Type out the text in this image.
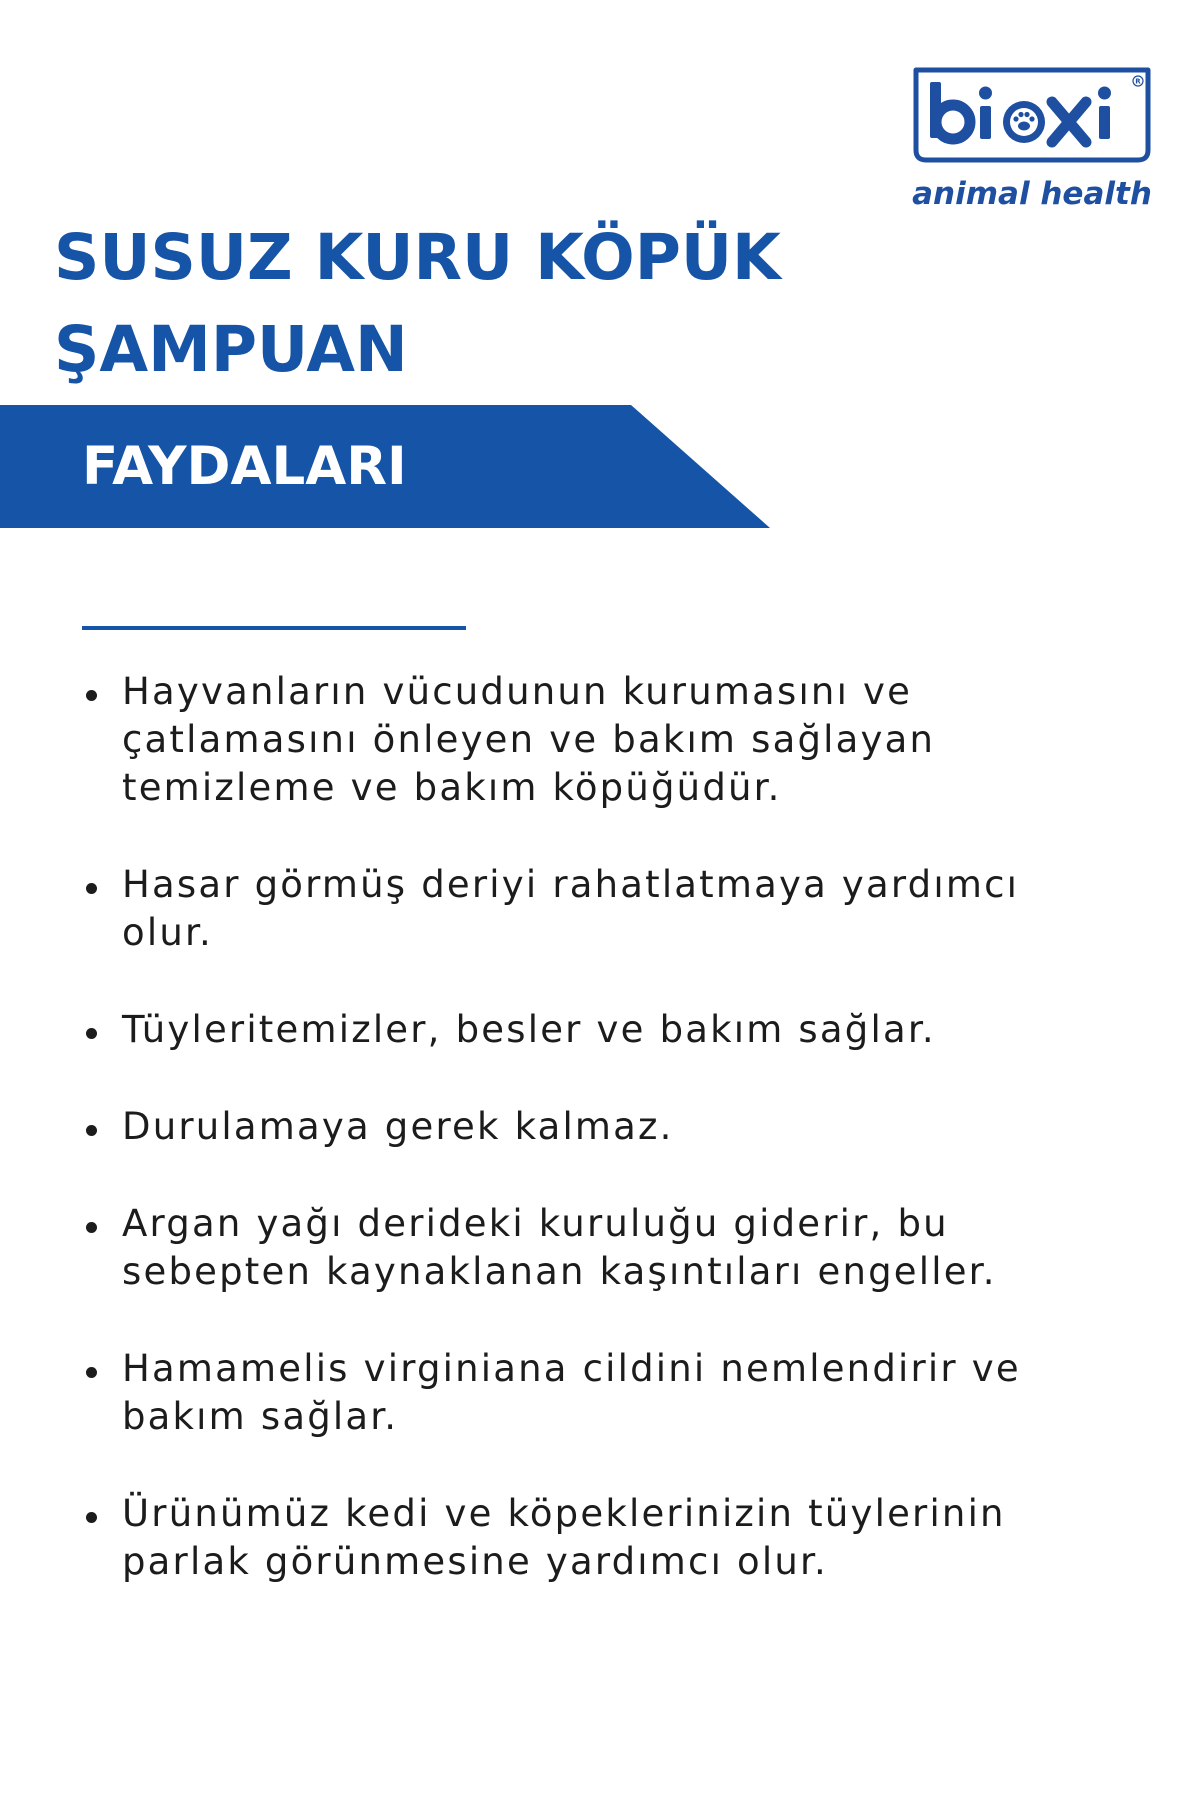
R
animal health
SUSUZ KURU KÖPÜK
ŞAMPUAN
FAYDALARI
Hayvanların vücudunun kurumasını ve çatlamasını önleyen ve bakım sağlayan temizleme ve bakım köpüğüdür.
Hasar görmüş deriyi rahatlatmaya yardımcı olur.
Tüyleritemizler, besler ve bakım sağlar.
Durulamaya gerek kalmaz.
Argan yağı derideki kuruluğu giderir, bu sebepten kaynaklanan kaşıntıları engeller.
Hamamelis virginiana cildini nemlendirir ve bakım sağlar.
Ürünümüz kedi ve köpeklerinizin tüylerinin parlak görünmesine yardımcı olur.
